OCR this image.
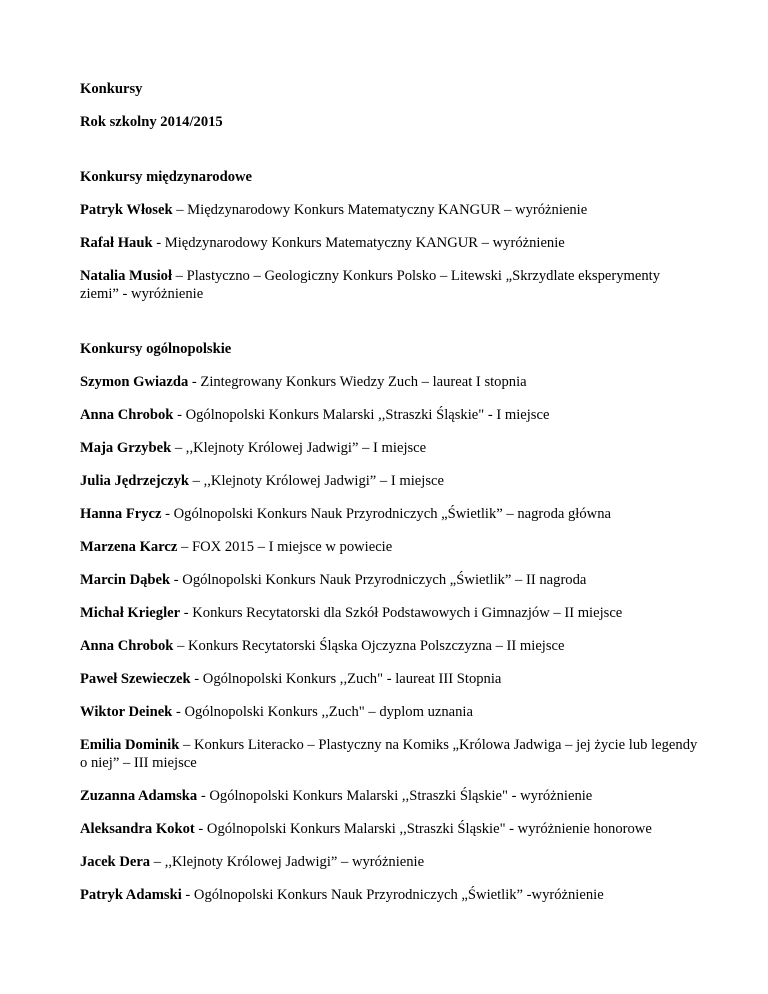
Konkursy

Rok szkolny 2014/2015

Konkursy międzynarodowe

Patryk Włosek – Międzynarodowy Konkurs Matematyczny KANGUR – wyróżnienie

Rafał Hauk - Międzynarodowy Konkurs Matematyczny KANGUR – wyróżnienie

Natalia Musioł – Plastyczno – Geologiczny Konkurs Polsko – Litewski „Skrzydlate eksperymenty ziemi” - wyróżnienie

Konkursy ogólnopolskie

Szymon Gwiazda - Zintegrowany Konkurs Wiedzy Zuch – laureat I stopnia

Anna Chrobok - Ogólnopolski Konkurs Malarski ,,Straszki Śląskie" - I miejsce

Maja Grzybek – ,,Klejnoty Królowej Jadwigi” – I miejsce

Julia Jędrzejczyk – ,,Klejnoty Królowej Jadwigi” – I miejsce

Hanna Frycz - Ogólnopolski Konkurs Nauk Przyrodniczych „Świetlik” – nagroda główna

Marzena Karcz – FOX 2015 – I miejsce w powiecie

Marcin Dąbek - Ogólnopolski Konkurs Nauk Przyrodniczych „Świetlik” – II nagroda

Michał Kriegler - Konkurs Recytatorski dla Szkół Podstawowych i Gimnazjów – II miejsce

Anna Chrobok – Konkurs Recytatorski Śląska Ojczyzna Polszczyzna – II miejsce

Paweł Szewieczek - Ogólnopolski Konkurs ,,Zuch" - laureat III Stopnia

Wiktor Deinek - Ogólnopolski Konkurs ,,Zuch" – dyplom uznania

Emilia Dominik – Konkurs Literacko – Plastyczny na Komiks „Królowa Jadwiga – jej życie lub legendy o niej” – III miejsce

Zuzanna Adamska - Ogólnopolski Konkurs Malarski ,,Straszki Śląskie" - wyróżnienie

Aleksandra Kokot - Ogólnopolski Konkurs Malarski ,,Straszki Śląskie" - wyróżnienie honorowe

Jacek Dera – ,,Klejnoty Królowej Jadwigi” – wyróżnienie

Patryk Adamski - Ogólnopolski Konkurs Nauk Przyrodniczych „Świetlik” -wyróżnienie
